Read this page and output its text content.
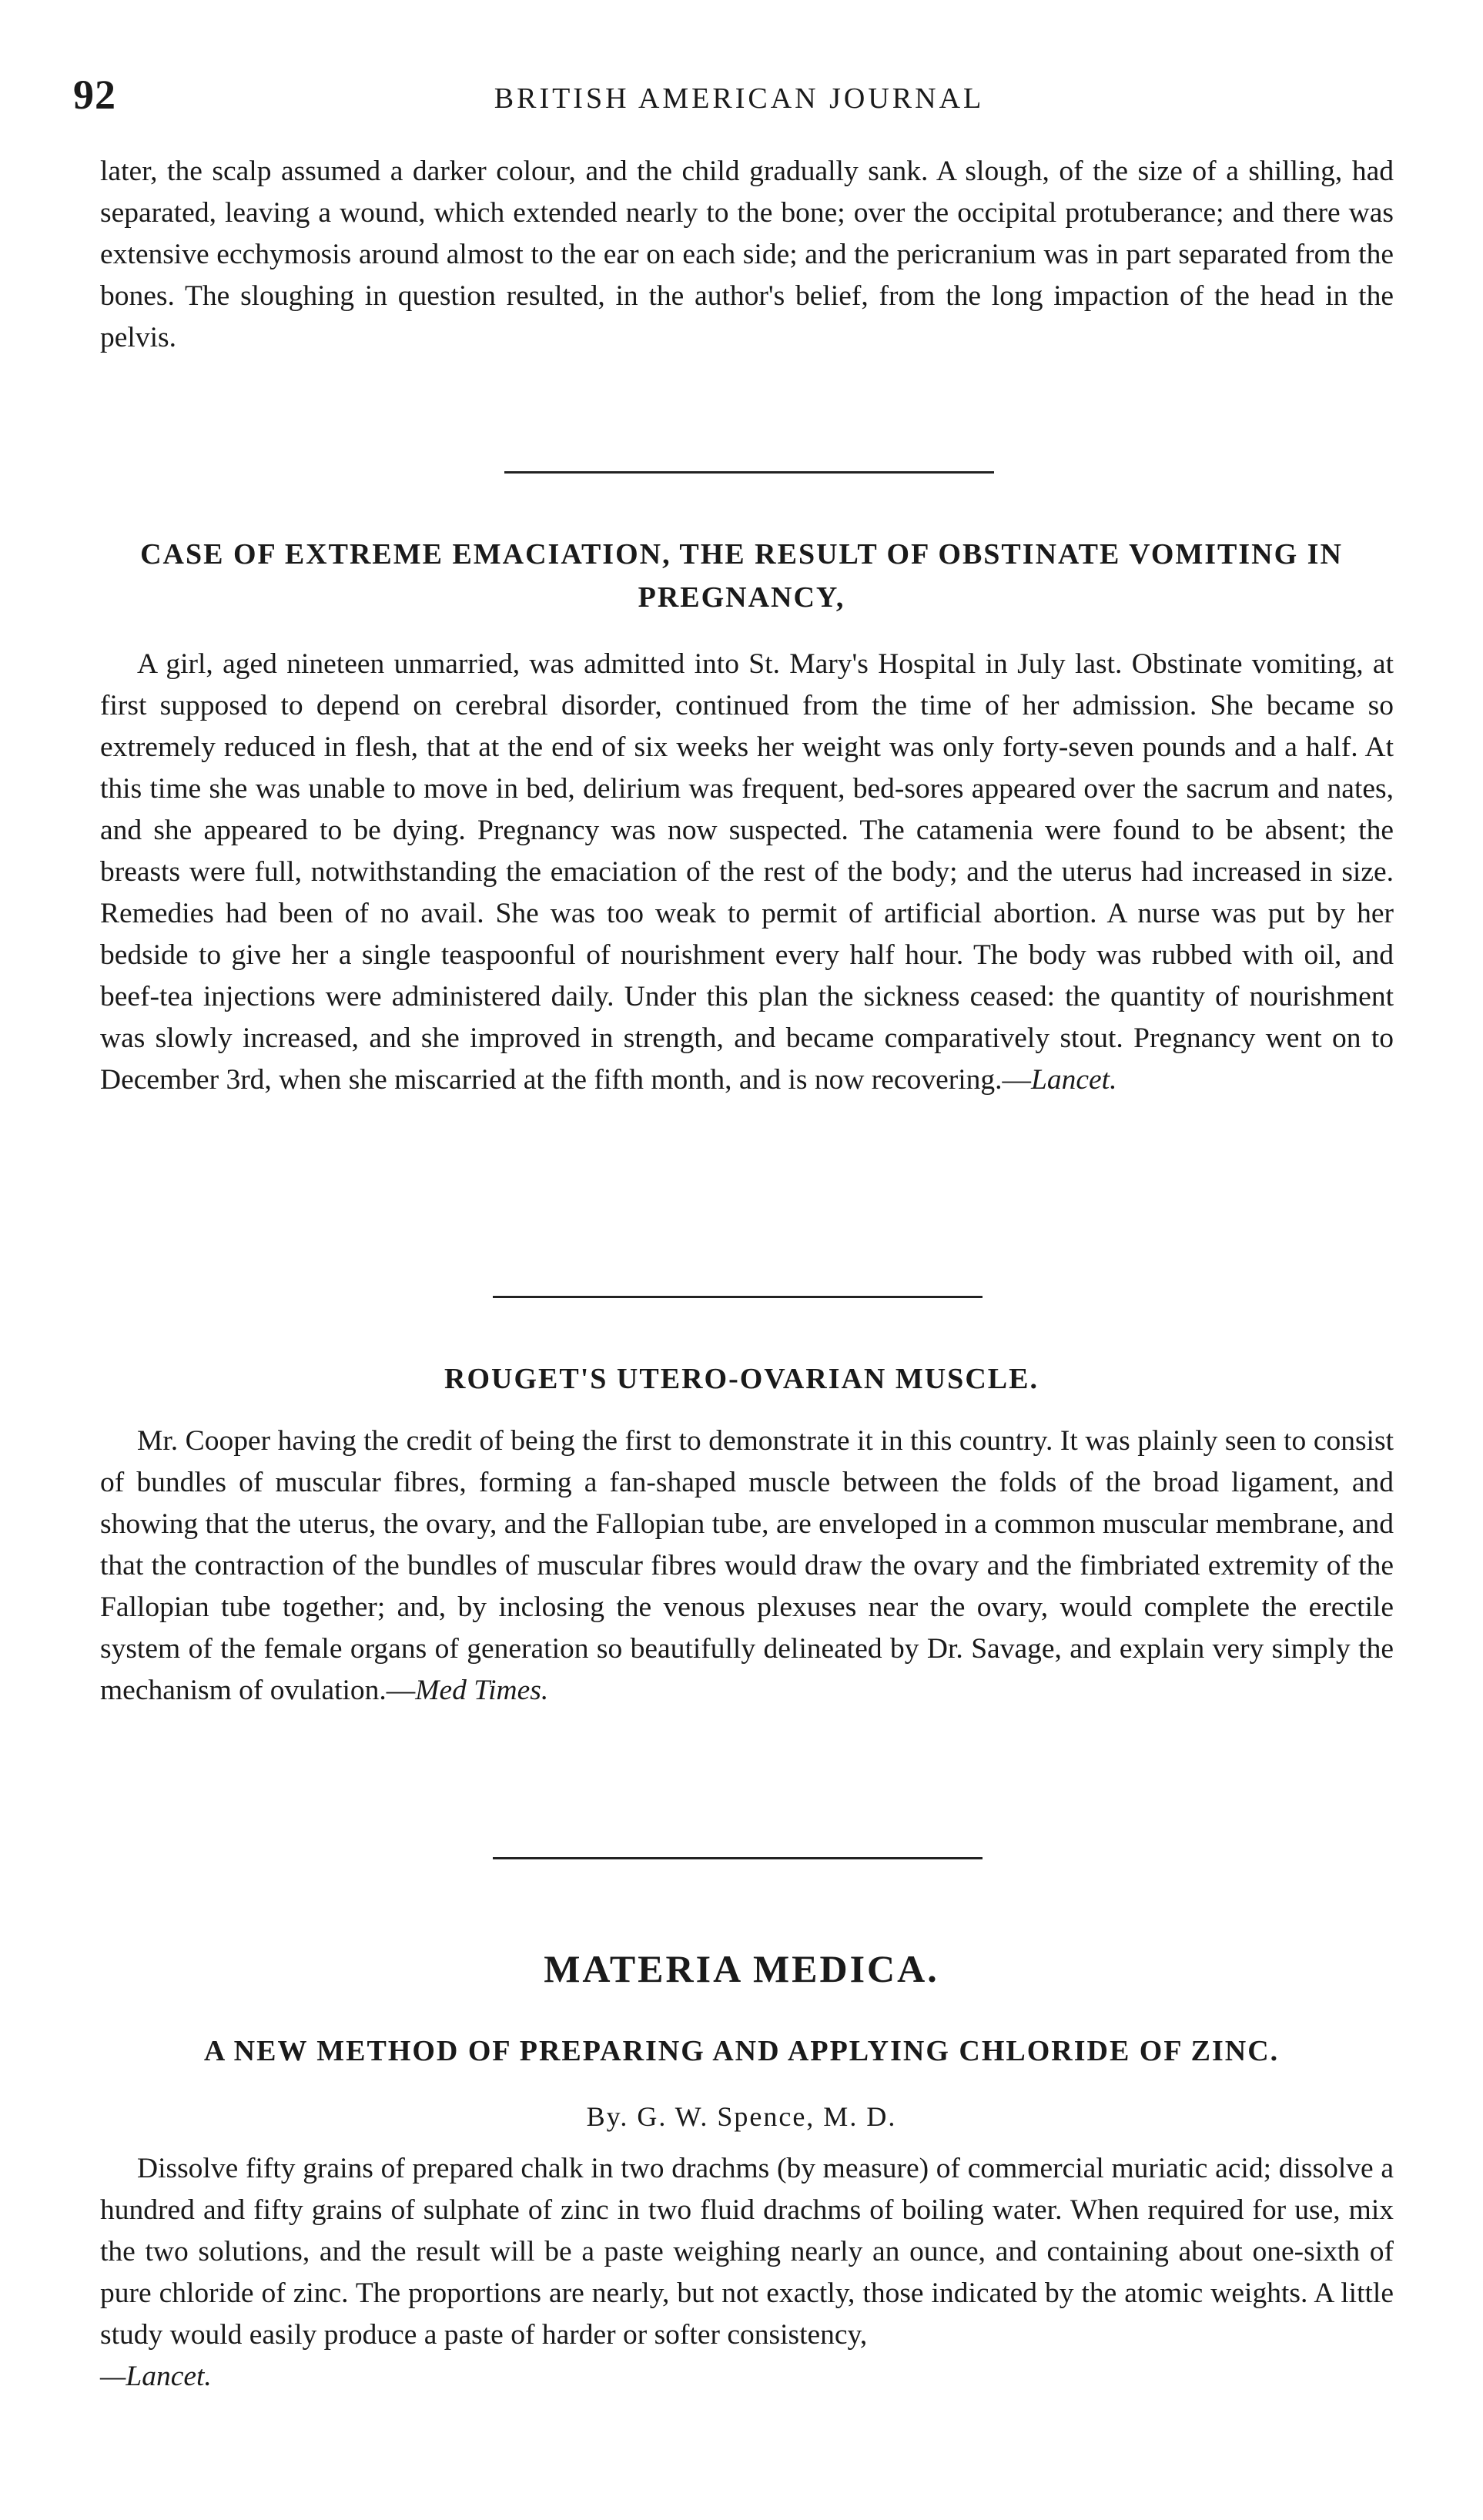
92	BRITISH AMERICAN JOURNAL

later, the scalp assumed a darker colour, and the child gradually sank. A slough, of the size of a shilling, had separated, leaving a wound, which extended nearly to the bone; over the occipital protuberance; and there was extensive ecchymosis around almost to the ear on each side; and the pericranium was in part separated from the bones. The sloughing in question resulted, in the author's belief, from the long impaction of the head in the pelvis.

CASE OF EXTREME EMACIATION, THE RESULT OF OBSTINATE VOMITING IN PREGNANCY,

A girl, aged nineteen unmarried, was admitted into St. Mary's Hospital in July last. Obstinate vomiting, at first supposed to depend on cerebral disorder, continued from the time of her admission. She became so extremely reduced in flesh, that at the end of six weeks her weight was only forty-seven pounds and a half. At this time she was unable to move in bed, delirium was frequent, bed-sores appeared over the sacrum and nates, and she appeared to be dying. Pregnancy was now suspected. The catamenia were found to be absent; the breasts were full, notwithstanding the emaciation of the rest of the body; and the uterus had increased in size. Remedies had been of no avail. She was too weak to permit of artificial abortion. A nurse was put by her bedside to give her a single teaspoonful of nourishment every half hour. The body was rubbed with oil, and beef-tea injections were administered daily. Under this plan the sickness ceased: the quantity of nourishment was slowly increased, and she improved in strength, and became comparatively stout. Pregnancy went on to December 3rd, when she miscarried at the fifth month, and is now recovering.—Lancet.

ROUGET'S UTERO-OVARIAN MUSCLE.

Mr. Cooper having the credit of being the first to demonstrate it in this country. It was plainly seen to consist of bundles of muscular fibres, forming a fan-shaped muscle between the folds of the broad ligament, and showing that the uterus, the ovary, and the Fallopian tube, are enveloped in a common muscular membrane, and that the contraction of the bundles of muscular fibres would draw the ovary and the fimbriated extremity of the Fallopian tube together; and, by inclosing the venous plexuses near the ovary, would complete the erectile system of the female organs of generation so beautifully delineated by Dr. Savage, and explain very simply the mechanism of ovulation.—Med Times.

MATERIA MEDICA.
A NEW METHOD OF PREPARING AND APPLYING CHLORIDE OF ZINC.

By. G. W. Spence, M. D.

Dissolve fifty grains of prepared chalk in two drachms (by measure) of commercial muriatic acid; dissolve a hundred and fifty grains of sulphate of zinc in two fluid drachms of boiling water. When required for use, mix the two solutions, and the result will be a paste weighing nearly an ounce, and containing about one-sixth of pure chloride of zinc. The proportions are nearly, but not exactly, those indicated by the atomic weights. A little study would easily produce a paste of harder or softer consistency,
—Lancet.
